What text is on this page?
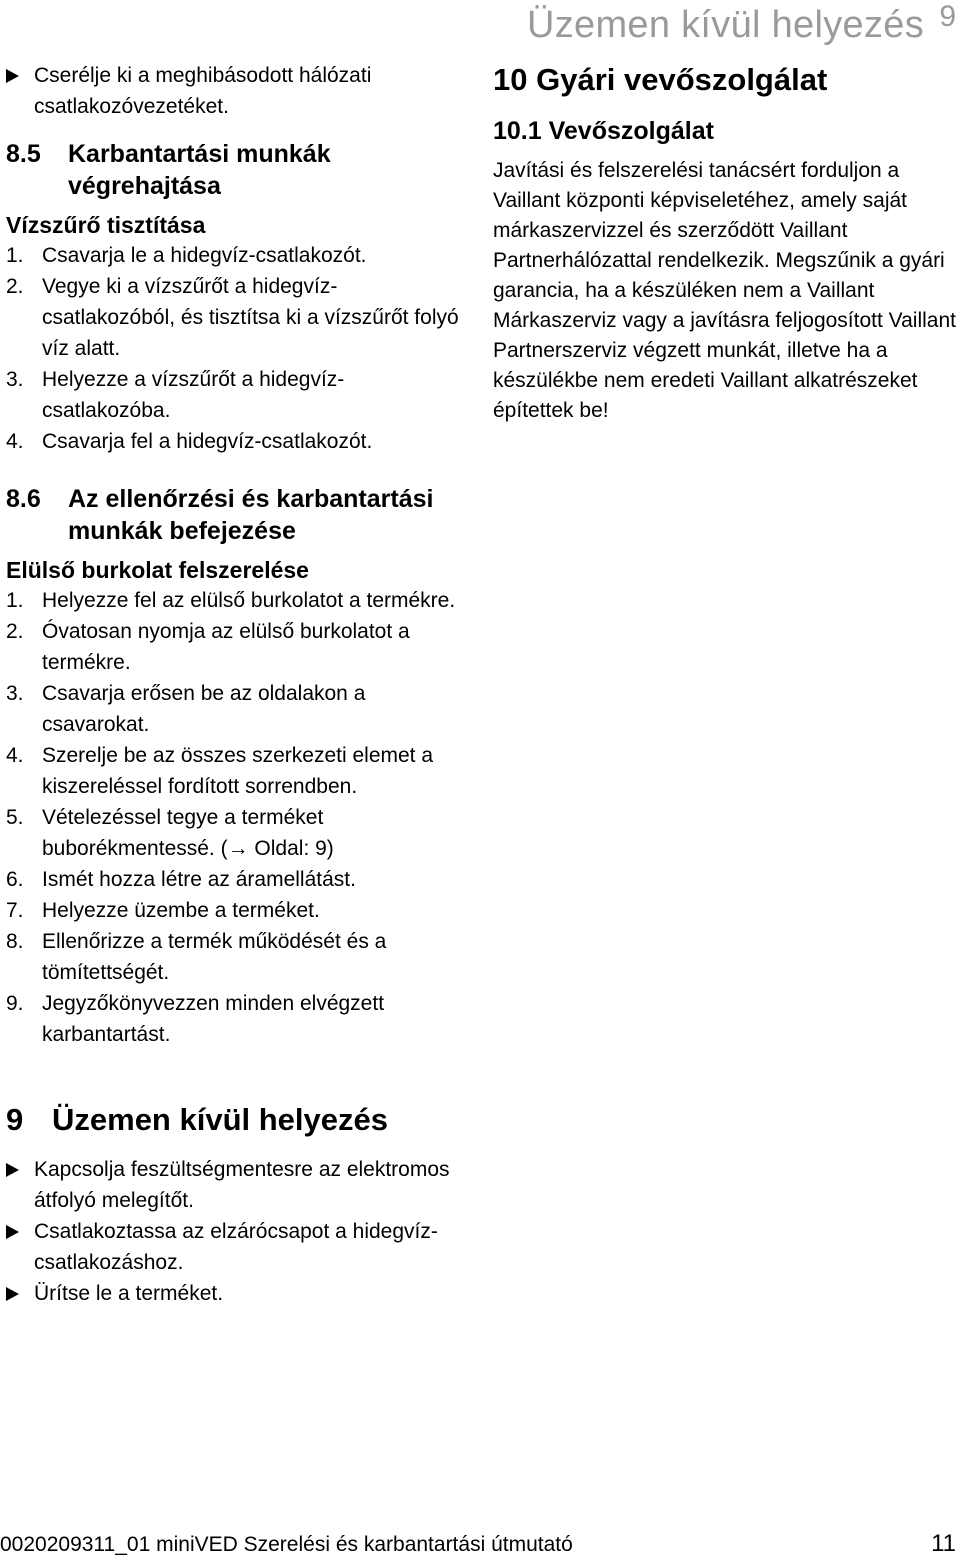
Üzemen kívül helyezés 9
Cserélje ki a meghibásodott hálózati csatlakozóvezetéket.
8.5 Karbantartási munkák végrehajtása
Vízszűrő tisztítása
1. Csavarja le a hidegvíz-csatlakozót.
2. Vegye ki a vízszűrőt a hidegvíz-csatlakozóból, és tisztítsa ki a vízszűrőt folyó víz alatt.
3. Helyezze a vízszűrőt a hidegvíz-csatlakozóba.
4. Csavarja fel a hidegvíz-csatlakozót.
8.6 Az ellenőrzési és karbantartási munkák befejezése
Elülső burkolat felszerelése
1. Helyezze fel az elülső burkolatot a termékre.
2. Óvatosan nyomja az elülső burkolatot a termékre.
3. Csavarja erősen be az oldalakon a csavarokat.
4. Szerelje be az összes szerkezeti elemet a kiszereléssel fordított sorrendben.
5. Vételezéssel tegye a terméket buborékmentessé. (→ Oldal: 9)
6. Ismét hozza létre az áramellátást.
7. Helyezze üzembe a terméket.
8. Ellenőrizze a termék működését és a tömítettségét.
9. Jegyzőkönyvezzen minden elvégzett karbantartást.
9 Üzemen kívül helyezés
Kapcsolja feszültségmentesre az elektromos átfolyó melegítőt.
Csatlakoztassa az elzárócsapot a hidegvíz-csatlakozáshoz.
Ürítse le a terméket.
10 Gyári vevőszolgálat
10.1 Vevőszolgálat
Javítási és felszerelési tanácsért forduljon a Vaillant központi képviseletéhez, amely saját márkaszervizzel és szerződött Vaillant Partnerhálózattal rendelkezik. Megszűnik a gyári garancia, ha a készüléken nem a Vaillant Márkaszerviz vagy a javításra feljogosított Vaillant Partnerszerviz végzett munkát, illetve ha a készülékbe nem eredeti Vaillant alkatrészeket építettek be!
0020209311_01 miniVED Szerelési és karbantartási útmutató	11
